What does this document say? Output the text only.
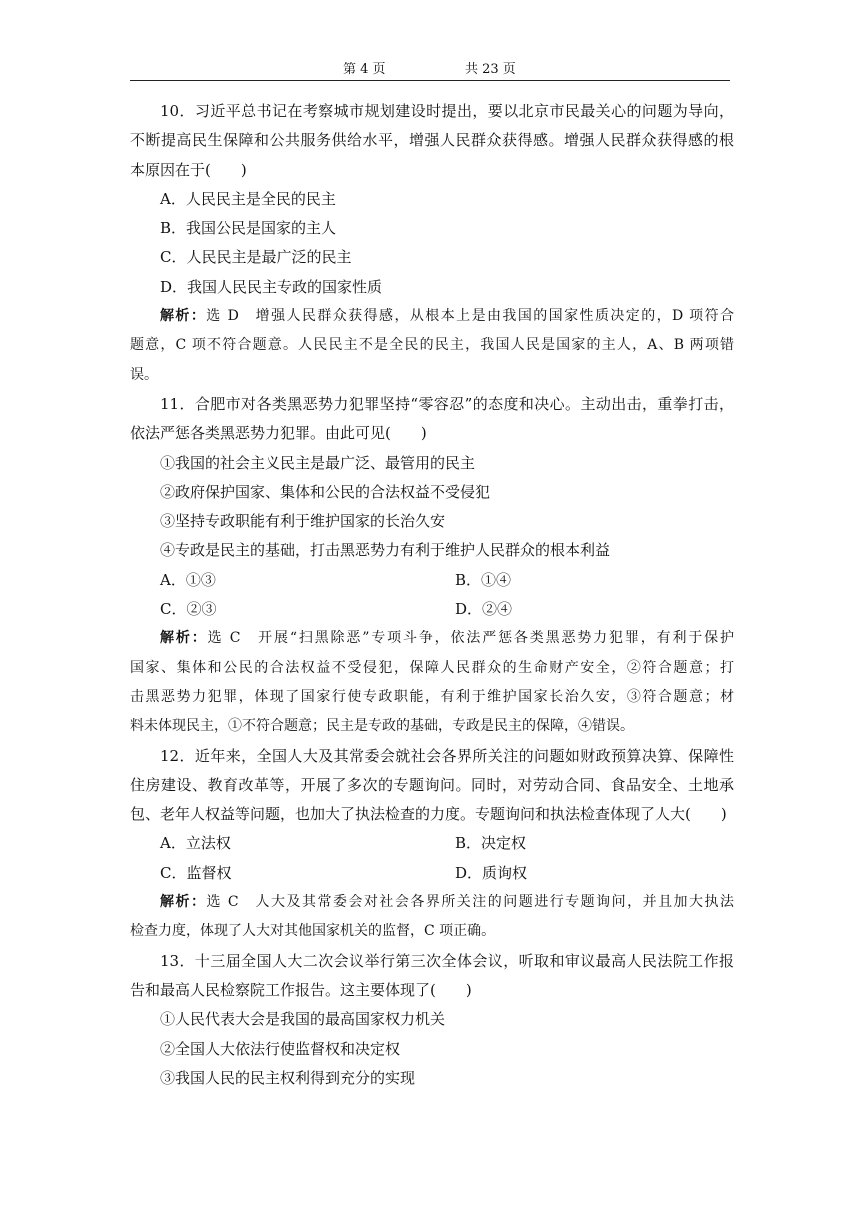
第 4 页	共 23 页
10．习近平总书记在考察城市规划建设时提出，要以北京市民最关心的问题为导向，
不断提高民生保障和公共服务供给水平，增强人民群众获得感。增强人民群众获得感的根
本原因在于(　　)
A．人民民主是全民的民主
B．我国公民是国家的主人
C．人民民主是最广泛的民主
D．我国人民民主专政的国家性质
解析：选 D　增强人民群众获得感，从根本上是由我国的国家性质决定的，D 项符合
题意，C 项不符合题意。人民民主不是全民的民主，我国人民是国家的主人，A、B 两项错
误。
11．合肥市对各类黑恶势力犯罪坚持“零容忍”的态度和决心。主动出击，重拳打击，
依法严惩各类黑恶势力犯罪。由此可见(　　)
①我国的社会主义民主是最广泛、最管用的民主
②政府保护国家、集体和公民的合法权益不受侵犯
③坚持专政职能有利于维护国家的长治久安
④专政是民主的基础，打击黑恶势力有利于维护人民群众的根本利益
A．①③	B．①④
C．②③	D．②④
解析：选 C　开展“扫黑除恶”专项斗争，依法严惩各类黑恶势力犯罪，有利于保护
国家、集体和公民的合法权益不受侵犯，保障人民群众的生命财产安全，②符合题意；打
击黑恶势力犯罪，体现了国家行使专政职能，有利于维护国家长治久安，③符合题意；材
料未体现民主，①不符合题意；民主是专政的基础，专政是民主的保障，④错误。
12．近年来，全国人大及其常委会就社会各界所关注的问题如财政预算决算、保障性
住房建设、教育改革等，开展了多次的专题询问。同时，对劳动合同、食品安全、土地承
包、老年人权益等问题，也加大了执法检查的力度。专题询问和执法检查体现了人大(　　)
A．立法权	B．决定权
C．监督权	D．质询权
解析：选 C　人大及其常委会对社会各界所关注的问题进行专题询问，并且加大执法
检查力度，体现了人大对其他国家机关的监督，C 项正确。
13．十三届全国人大二次会议举行第三次全体会议，听取和审议最高人民法院工作报
告和最高人民检察院工作报告。这主要体现了(　　)
①人民代表大会是我国的最高国家权力机关
②全国人大依法行使监督权和决定权
③我国人民的民主权利得到充分的实现
